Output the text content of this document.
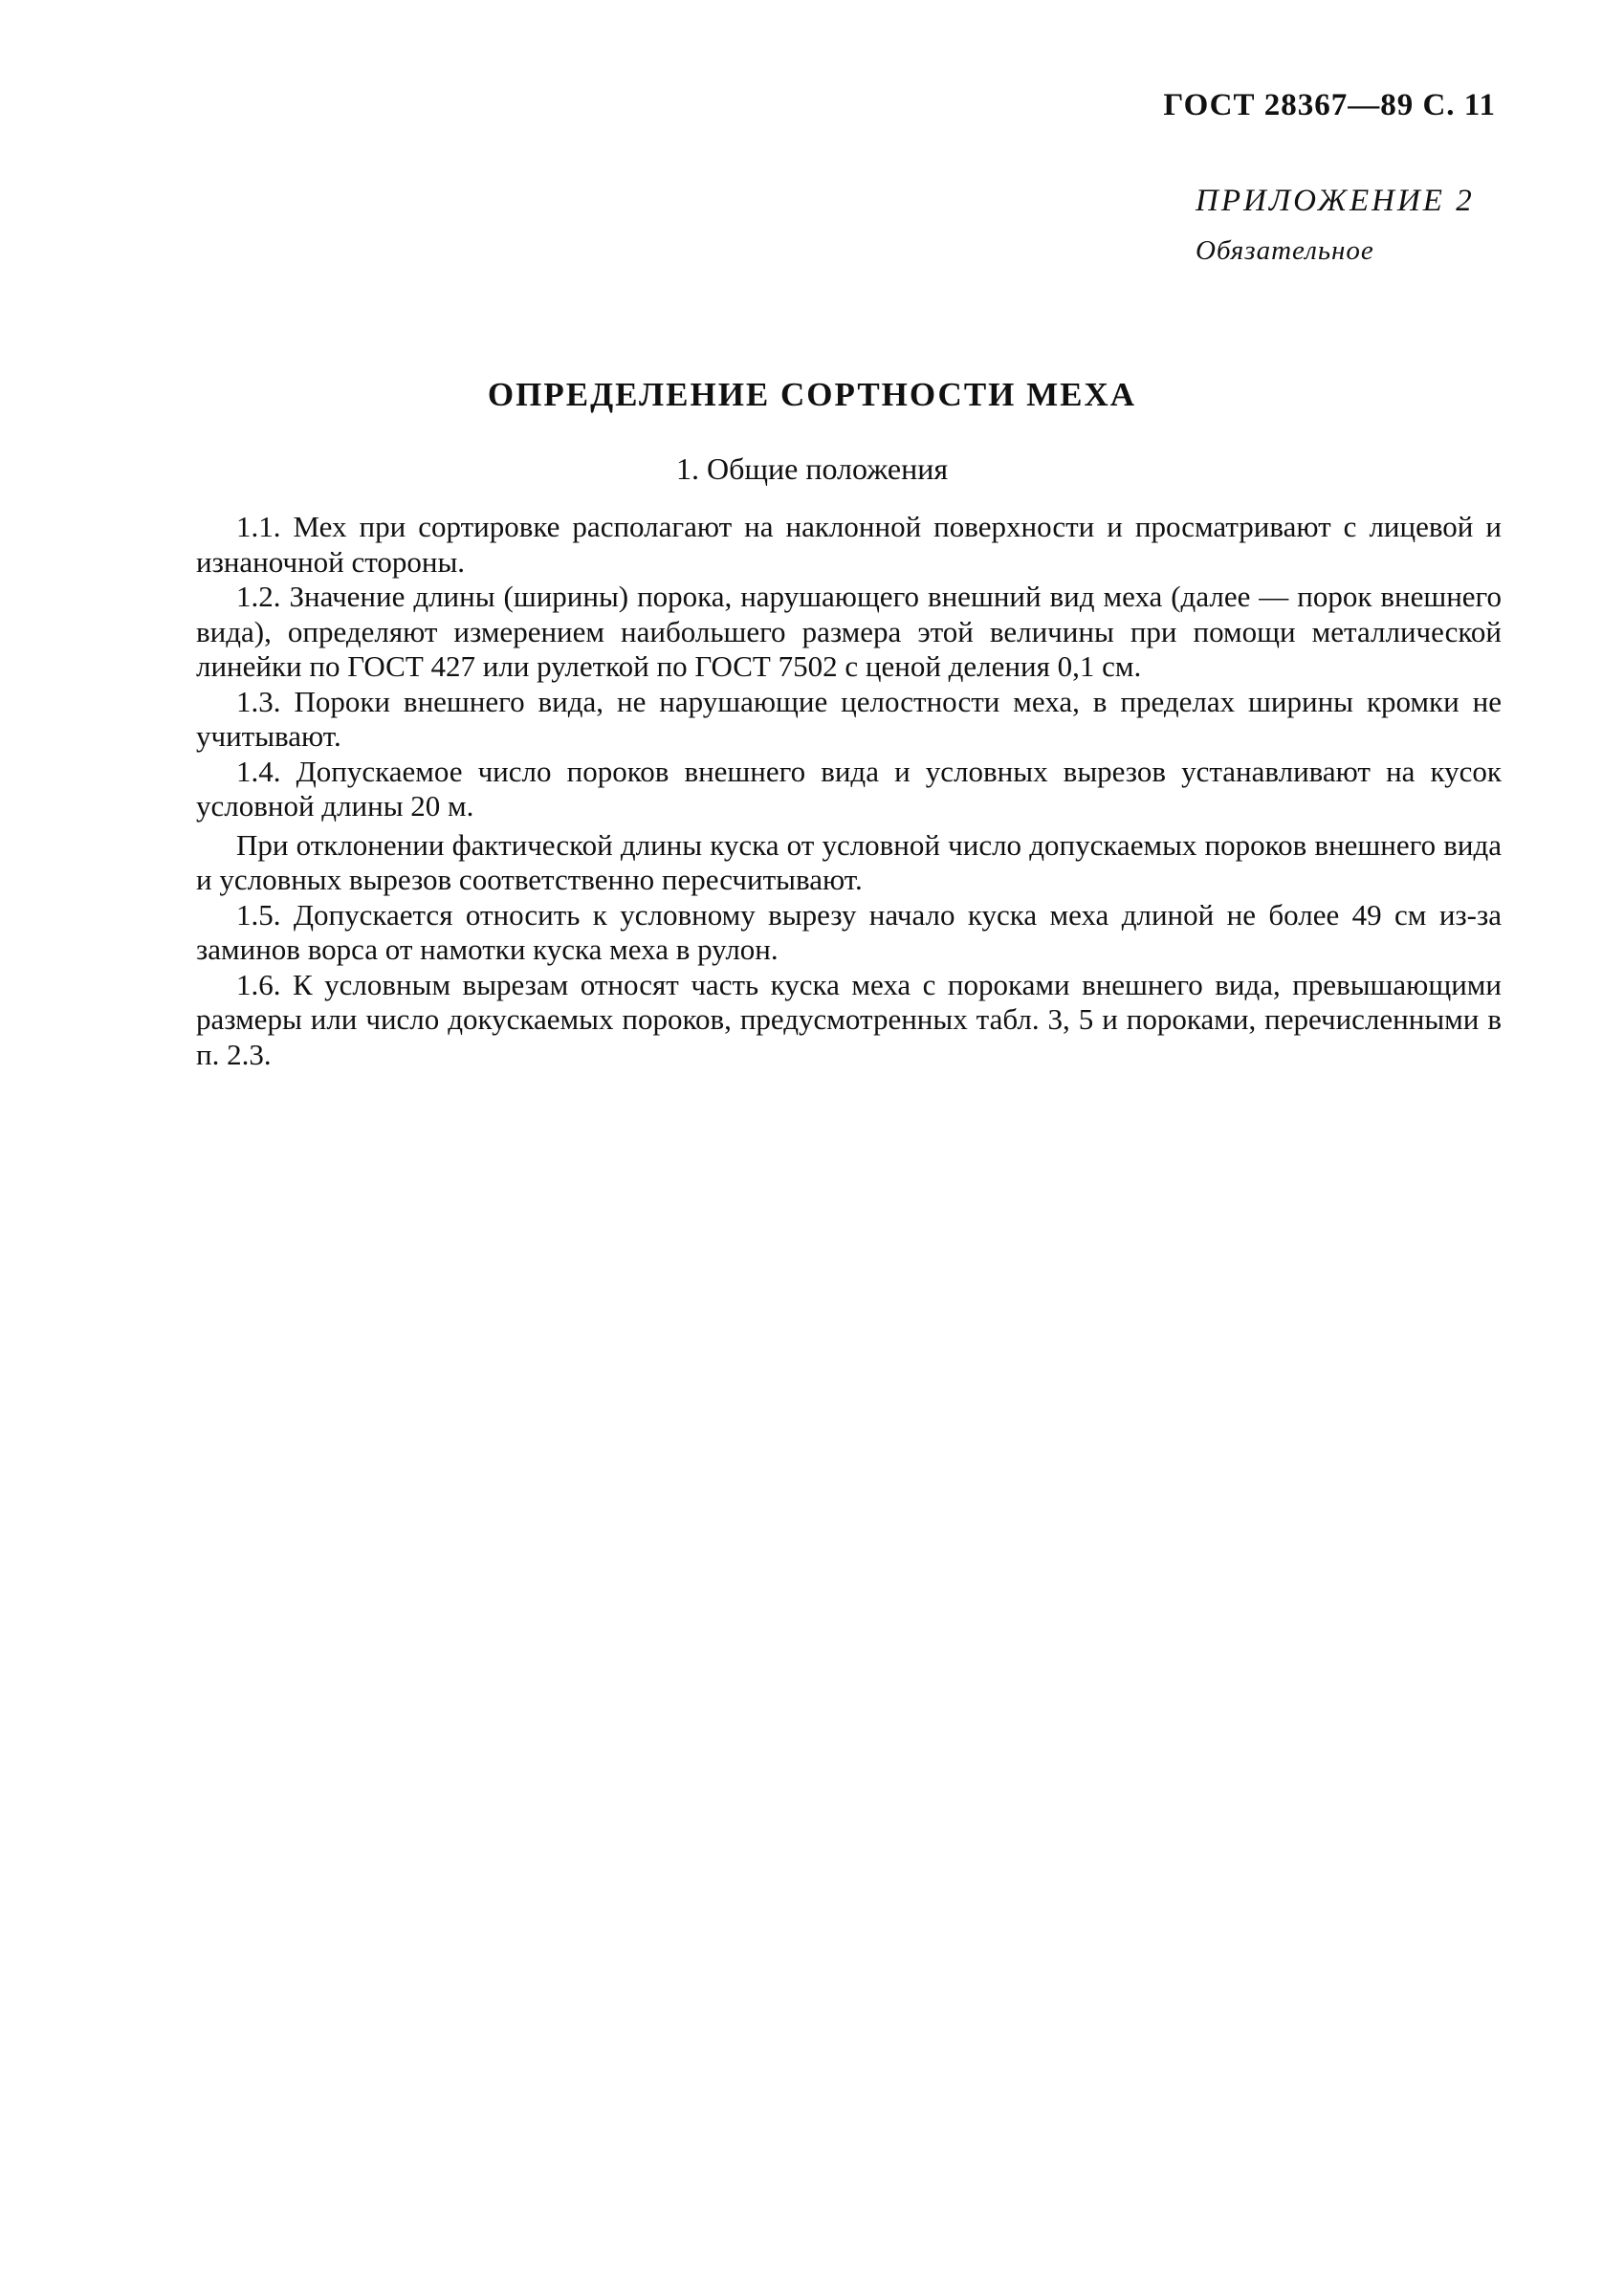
ГОСТ 28367—89 С. 11
ПРИЛОЖЕНИЕ 2
Обязательное
ОПРЕДЕЛЕНИЕ СОРТНОСТИ МЕХА
1. Общие положения

1.1. Мех при сортировке располагают на наклонной поверхности и просматривают с лицевой и изнаночной стороны.

1.2. Значение длины (ширины) порока, нарушающего внешний вид меха (далее — порок внешнего вида), определяют измерением наибольшего размера этой величины при помощи металлической линейки по ГОСТ 427 или рулеткой по ГОСТ 7502 с ценой деления 0,1 см.

1.3. Пороки внешнего вида, не нарушающие целостности меха, в пределах ширины кромки не учитывают.

1.4. Допускаемое число пороков внешнего вида и условных вырезов устанавливают на кусок условной длины 20 м.

При отклонении фактической длины куска от условной число допускаемых пороков внешнего вида и условных вырезов соответственно пересчитывают.

1.5. Допускается относить к условному вырезу начало куска меха длиной не более 49 см из-за заминов ворса от намотки куска меха в рулон.

1.6. К условным вырезам относят часть куска меха с пороками внешнего вида, превышающими размеры или число докускаемых пороков, предусмотренных табл. 3, 5 и пороками, перечисленными в п. 2.3.
